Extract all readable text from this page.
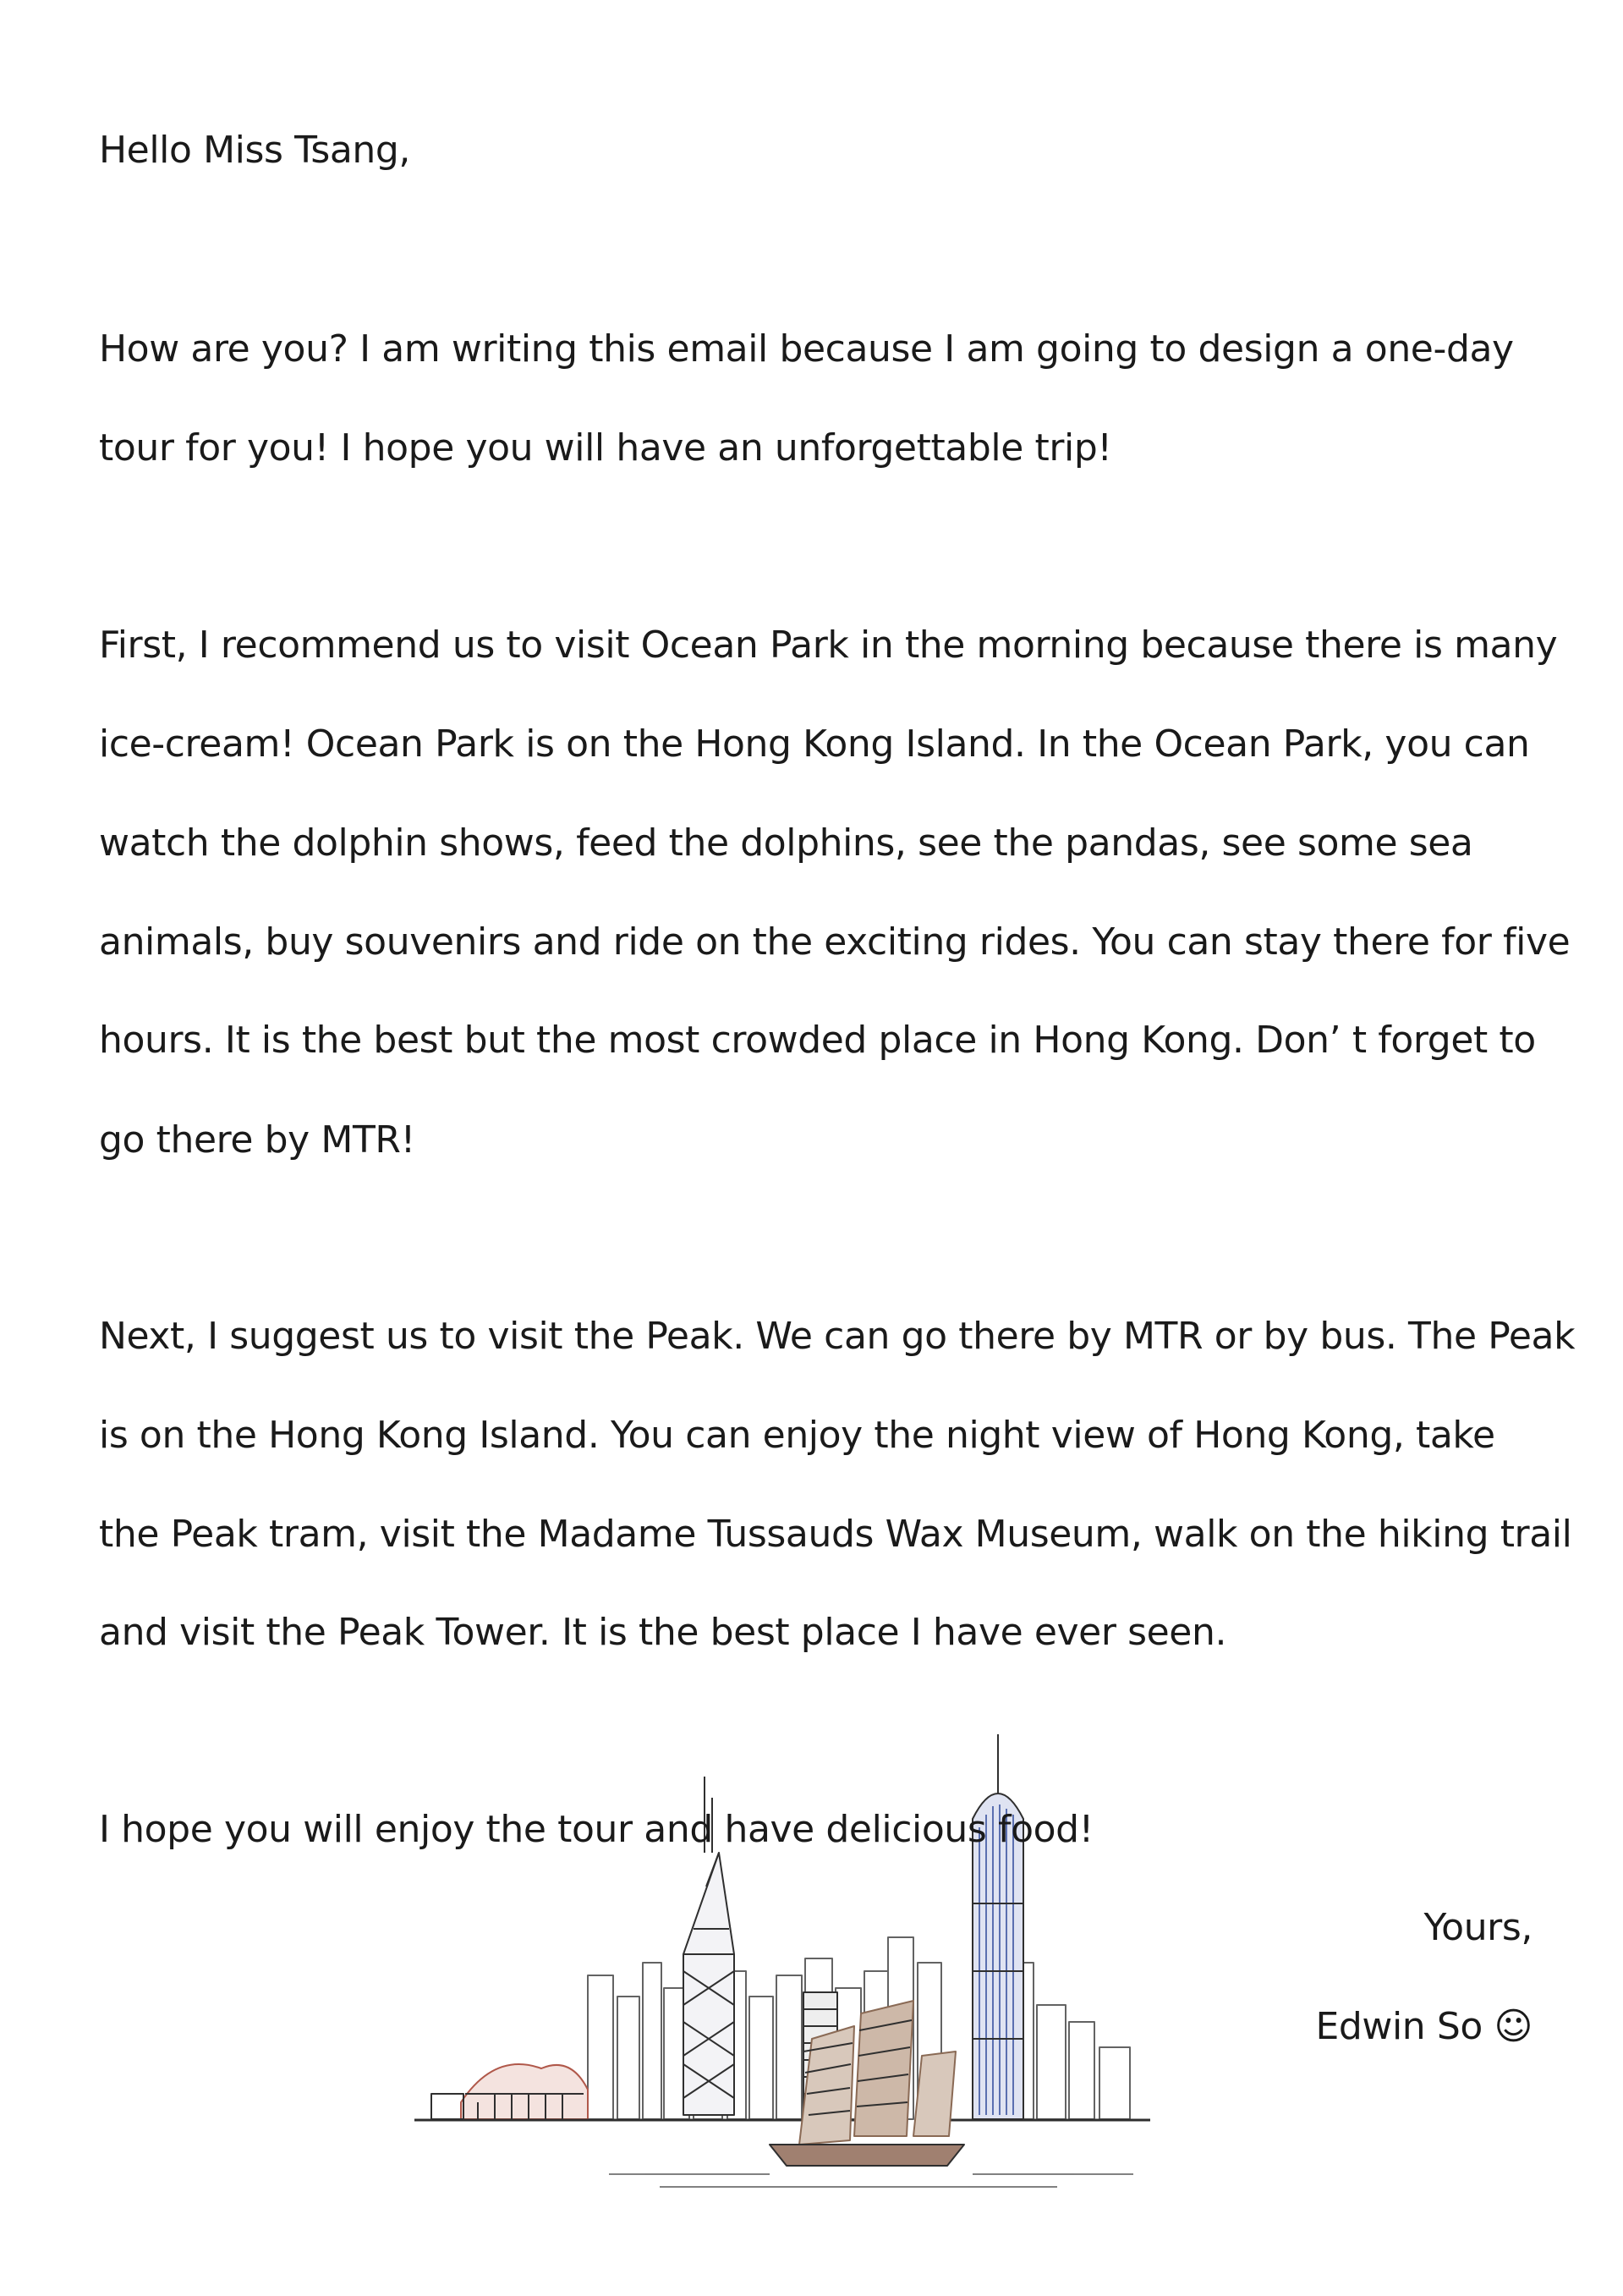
Hello Miss Tsang,
How are you? I am writing this email because I am going to design a one-day
tour for you! I hope you will have an unforgettable trip!
First, I recommend us to visit Ocean Park in the morning because there is many
ice-cream! Ocean Park is on the Hong Kong Island. In the Ocean Park, you can
watch the dolphin shows, feed the dolphins, see the pandas, see some sea
animals, buy souvenirs and ride on the exciting rides. You can stay there for five
hours. It is the best but the most crowded place in Hong Kong. Don’ t forget to
go there by MTR!
Next, I suggest us to visit the Peak. We can go there by MTR or by bus. The Peak
is on the Hong Kong Island. You can enjoy the night view of Hong Kong, take
the Peak tram, visit the Madame Tussauds Wax Museum, walk on the hiking trail
and visit the Peak Tower. It is the best place I have ever seen.
I hope you will enjoy the tour and have delicious food!
Yours,
Edwin So ☺
